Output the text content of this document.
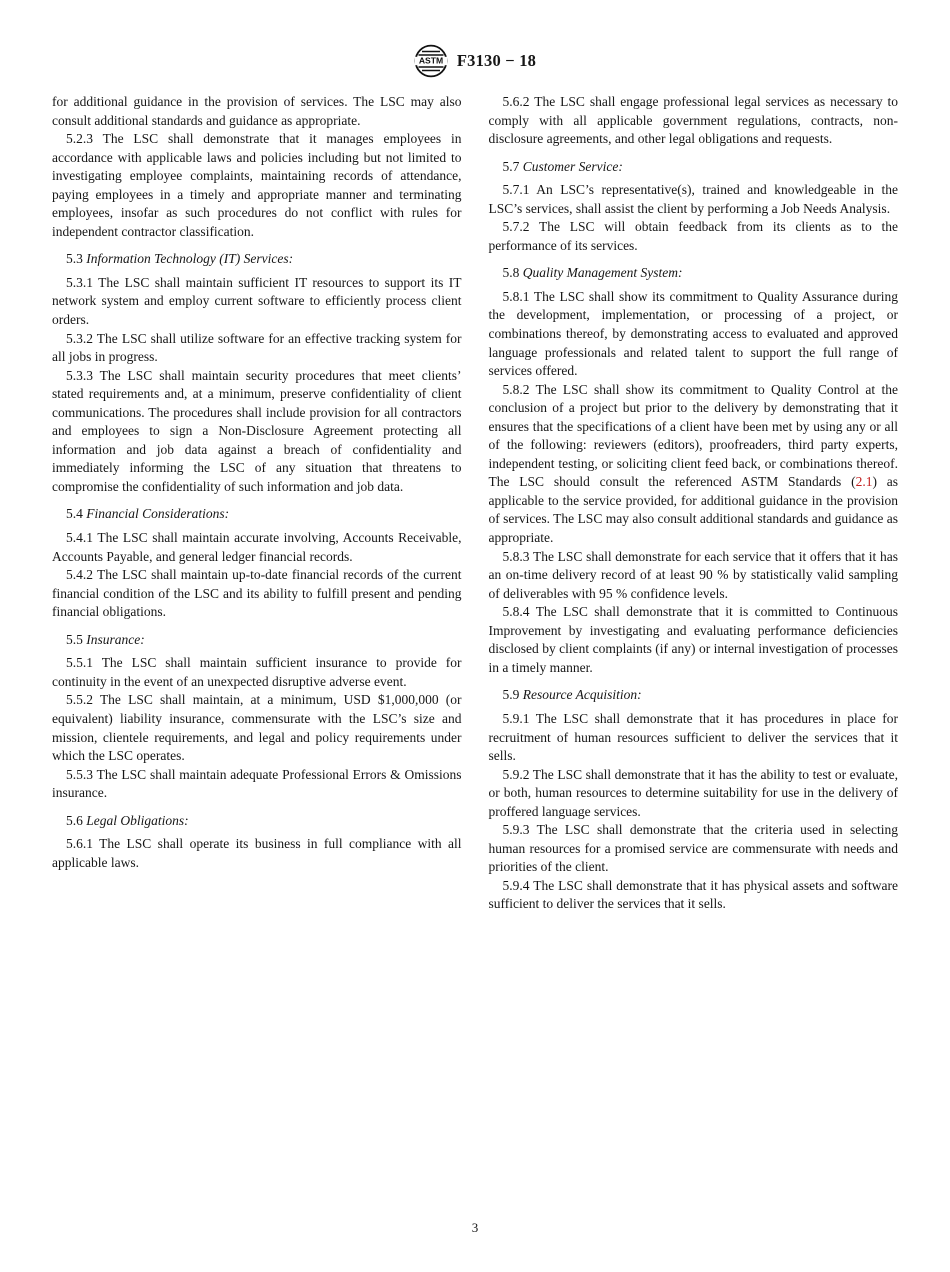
ASTM F3130 − 18
for additional guidance in the provision of services. The LSC may also consult additional standards and guidance as appropriate.
5.2.3 The LSC shall demonstrate that it manages employees in accordance with applicable laws and policies including but not limited to investigating employee complaints, maintaining records of attendance, paying employees in a timely and appropriate manner and terminating employees, insofar as such procedures do not conflict with rules for independent contractor classification.
5.3 Information Technology (IT) Services:
5.3.1 The LSC shall maintain sufficient IT resources to support its IT network system and employ current software to efficiently process client orders.
5.3.2 The LSC shall utilize software for an effective tracking system for all jobs in progress.
5.3.3 The LSC shall maintain security procedures that meet clients’ stated requirements and, at a minimum, preserve confidentiality of client communications. The procedures shall include provision for all contractors and employees to sign a Non-Disclosure Agreement protecting all information and job data against a breach of confidentiality and immediately informing the LSC of any situation that threatens to compromise the confidentiality of such information and job data.
5.4 Financial Considerations:
5.4.1 The LSC shall maintain accurate involving, Accounts Receivable, Accounts Payable, and general ledger financial records.
5.4.2 The LSC shall maintain up-to-date financial records of the current financial condition of the LSC and its ability to fulfill present and pending financial obligations.
5.5 Insurance:
5.5.1 The LSC shall maintain sufficient insurance to provide for continuity in the event of an unexpected disruptive adverse event.
5.5.2 The LSC shall maintain, at a minimum, USD $1,000,000 (or equivalent) liability insurance, commensurate with the LSC’s size and mission, clientele requirements, and legal and policy requirements under which the LSC operates.
5.5.3 The LSC shall maintain adequate Professional Errors & Omissions insurance.
5.6 Legal Obligations:
5.6.1 The LSC shall operate its business in full compliance with all applicable laws.
5.6.2 The LSC shall engage professional legal services as necessary to comply with all applicable government regulations, contracts, non-disclosure agreements, and other legal obligations and requests.
5.7 Customer Service:
5.7.1 An LSC’s representative(s), trained and knowledgeable in the LSC’s services, shall assist the client by performing a Job Needs Analysis.
5.7.2 The LSC will obtain feedback from its clients as to the performance of its services.
5.8 Quality Management System:
5.8.1 The LSC shall show its commitment to Quality Assurance during the development, implementation, or processing of a project, or combinations thereof, by demonstrating access to evaluated and approved language professionals and related talent to support the full range of services offered.
5.8.2 The LSC shall show its commitment to Quality Control at the conclusion of a project but prior to the delivery by demonstrating that it ensures that the specifications of a client have been met by using any or all of the following: reviewers (editors), proofreaders, third party experts, independent testing, or soliciting client feed back, or combinations thereof. The LSC should consult the referenced ASTM Standards (2.1) as applicable to the service provided, for additional guidance in the provision of services. The LSC may also consult additional standards and guidance as appropriate.
5.8.3 The LSC shall demonstrate for each service that it offers that it has an on-time delivery record of at least 90 % by statistically valid sampling of deliverables with 95 % confidence levels.
5.8.4 The LSC shall demonstrate that it is committed to Continuous Improvement by investigating and evaluating performance deficiencies disclosed by client complaints (if any) or internal investigation of processes in a timely manner.
5.9 Resource Acquisition:
5.9.1 The LSC shall demonstrate that it has procedures in place for recruitment of human resources sufficient to deliver the services that it sells.
5.9.2 The LSC shall demonstrate that it has the ability to test or evaluate, or both, human resources to determine suitability for use in the delivery of proffered language services.
5.9.3 The LSC shall demonstrate that the criteria used in selecting human resources for a promised service are commensurate with needs and priorities of the client.
5.9.4 The LSC shall demonstrate that it has physical assets and software sufficient to deliver the services that it sells.
3
